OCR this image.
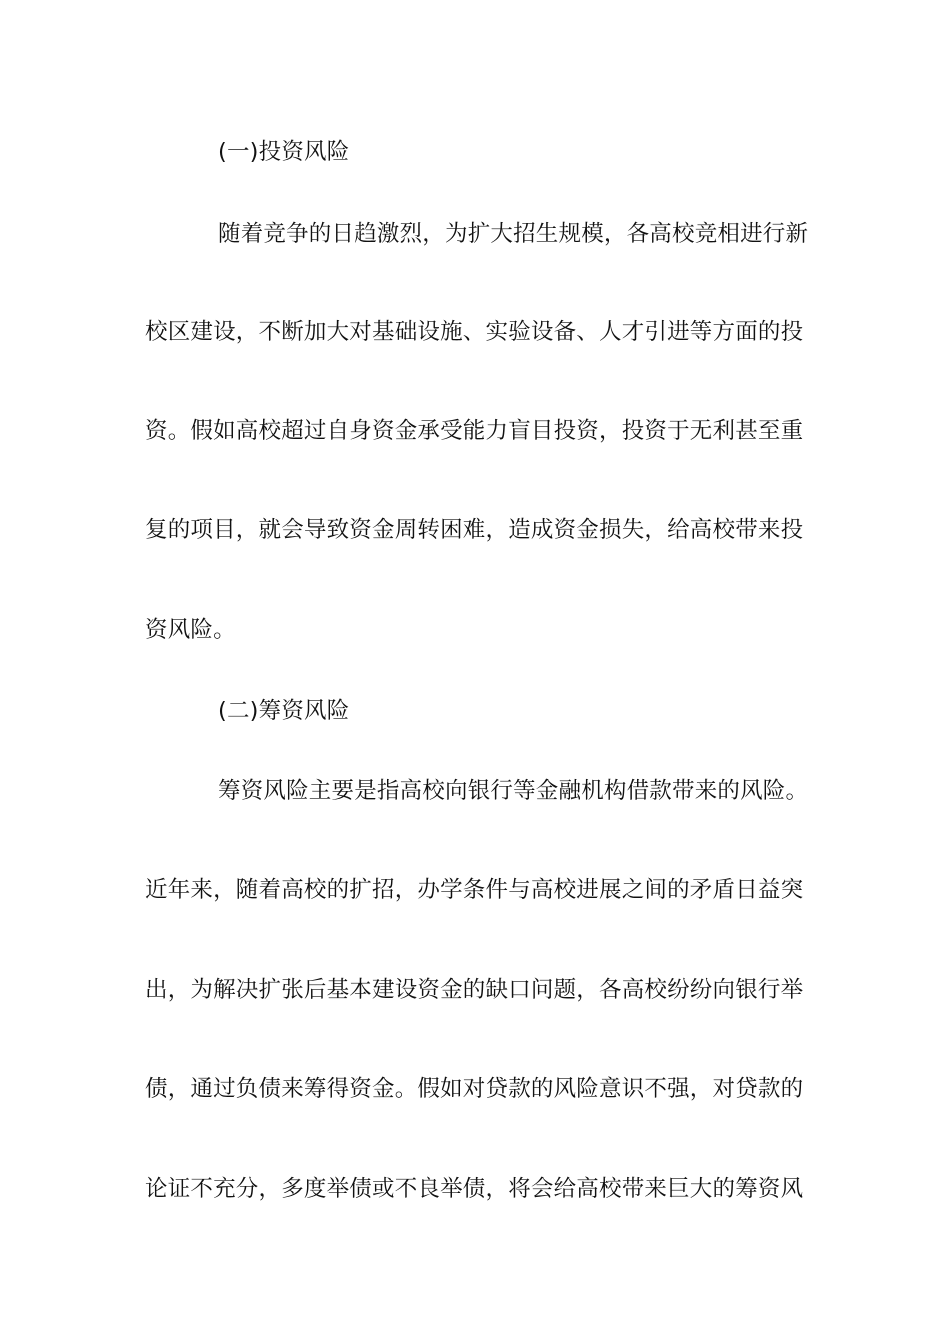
(一)投资风险
随着竞争的日趋激烈，为扩大招生规模，各高校竞相进行新
校区建设，不断加大对基础设施、实验设备、人才引进等方面的投
资。假如高校超过自身资金承受能力盲目投资，投资于无利甚至重
复的项目，就会导致资金周转困难，造成资金损失，给高校带来投
资风险。
(二)筹资风险
筹资风险主要是指高校向银行等金融机构借款带来的风险。
近年来，随着高校的扩招，办学条件与高校进展之间的矛盾日益突
出，为解决扩张后基本建设资金的缺口问题，各高校纷纷向银行举
债，通过负债来筹得资金。假如对贷款的风险意识不强，对贷款的
论证不充分，多度举债或不良举债，将会给高校带来巨大的筹资风
